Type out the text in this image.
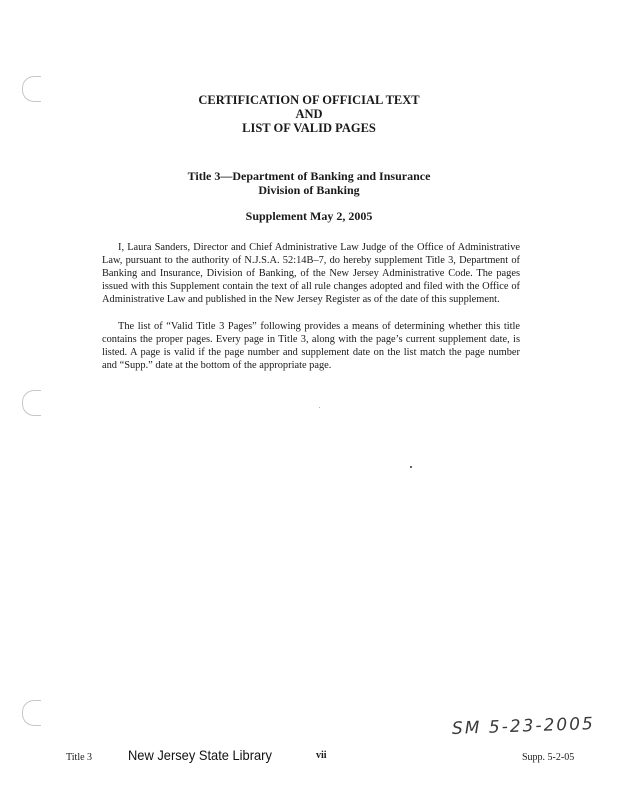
CERTIFICATION OF OFFICIAL TEXT
AND
LIST OF VALID PAGES
Title 3—Department of Banking and Insurance
Division of Banking
Supplement May 2, 2005

I, Laura Sanders, Director and Chief Administrative Law Judge of the Office of Administrative Law, pursuant to the authority of N.J.S.A. 52:14B–7, do hereby supplement Title 3, Department of Banking and Insurance, Division of Banking, of the New Jersey Administrative Code. The pages issued with this Supplement contain the text of all rule changes adopted and filed with the Office of Administrative Law and published in the New Jersey Register as of the date of this supplement.

The list of “Valid Title 3 Pages” following provides a means of determining whether this title contains the proper pages. Every page in Title 3, along with the page’s current supplement date, is listed. A page is valid if the page number and supplement date on the list match the page number and “Supp.” date at the bottom of the appropriate page.

SM 5-23-2005
Title 3	New Jersey State Library	vii	Supp. 5-2-05
